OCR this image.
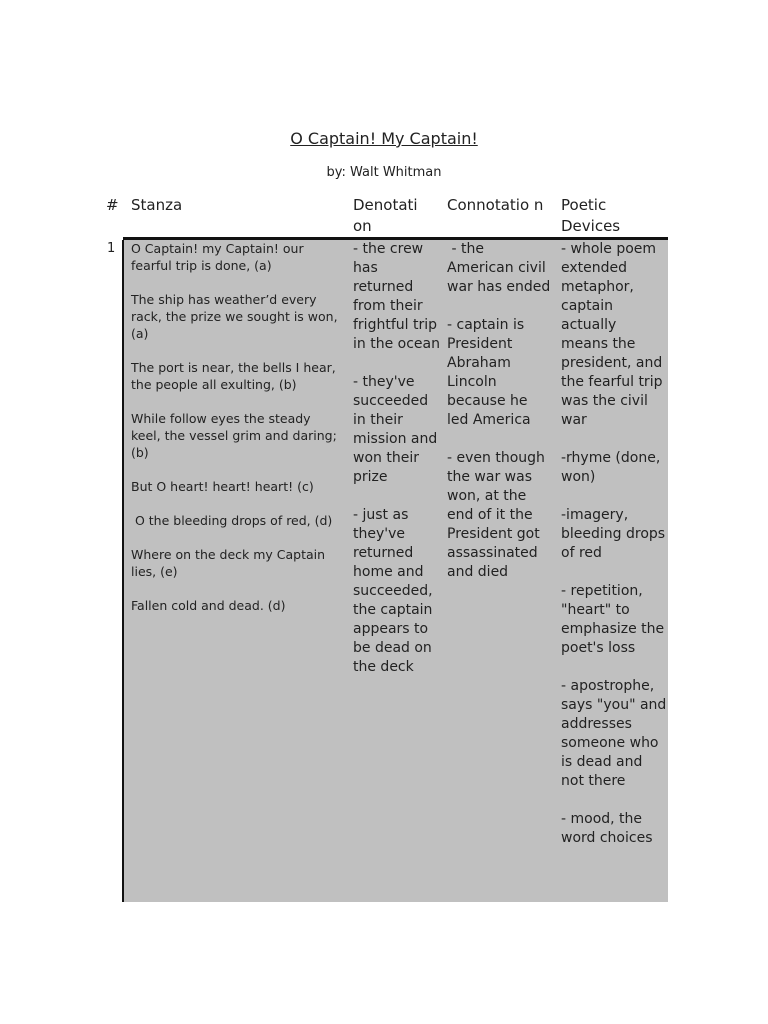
O Captain! My Captain!
by: Walt Whitman
# Stanza	Denotati on
Connotatio n	Poetic Devices
1 O Captain! my Captain! our fearful trip is done, (a)
The ship has weather’d every rack, the prize we sought is won, (a)
The port is near, the bells I hear, the people all exulting, (b)
While follow eyes the steady keel, the vessel grim and daring; (b)
But O heart! heart! heart! (c)
O the bleeding drops of red, (d)
Where on the deck my Captain lies, (e)
Fallen cold and dead. (d)
- the crew has returned from their frightful trip in the ocean
- they've succeeded in their mission and won their prize
- just as they've returned home and succeeded, the captain appears to be dead on the deck
- the American civil war has ended
- captain is President Abraham Lincoln because he led America
- even though the war was won, at the end of it the President got assassinated and died
- whole poem extended metaphor, captain actually means the president, and the fearful trip was the civil war
-rhyme (done, won)
-imagery, bleeding drops of red
- repetition, "heart" to emphasize the poet's loss
- apostrophe, says "you" and addresses someone who is dead and not there
- mood, the word choices
